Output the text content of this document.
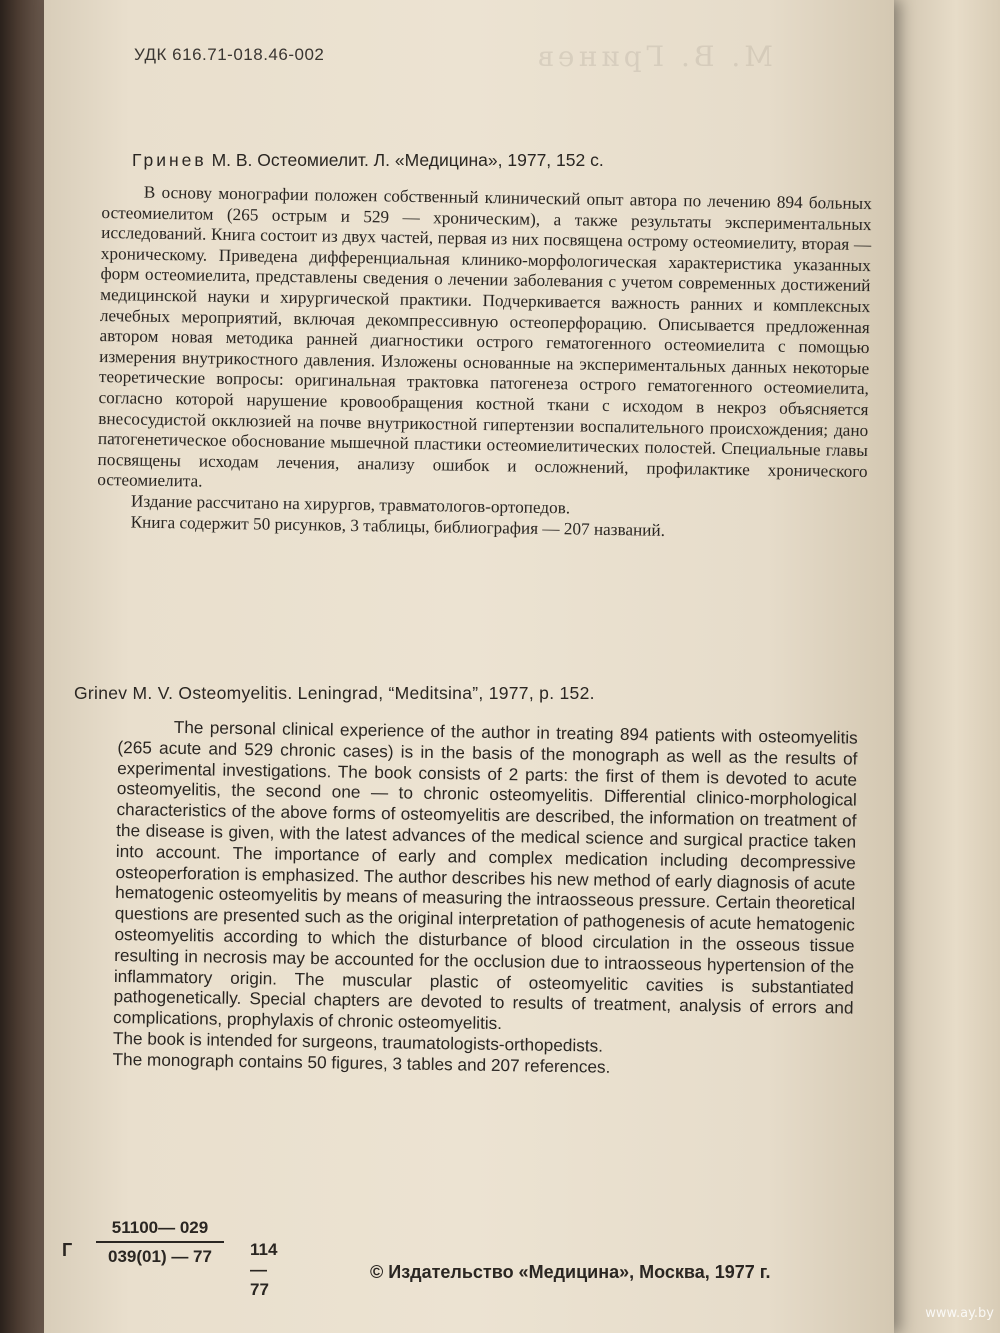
М. В. Гринев
УДК 616.71-018.46-002
Гринев М. В. Остеомиелит. Л. «Медицина», 1977, 152 с.

В основу монографии положен собственный клинический опыт автора по лечению 894 больных остеомиелитом (265 острым и 529 — хроническим), а также результаты экспериментальных исследований. Книга состоит из двух частей, первая из них посвящена острому остеомиелиту, вторая — хроническому. Приведена дифференциальная клинико-морфологическая характеристика указанных форм остеомиелита, представлены сведения о лечении заболевания с учетом современных достижений медицинской науки и хирургической практики. Подчеркивается важность ранних и комплексных лечебных мероприятий, включая декомпрессивную остеоперфорацию. Описывается предложенная автором новая методика ранней диагностики острого гематогенного остеомиелита с помощью измерения внутрикостного давления. Изложены основанные на экспериментальных данных некоторые теоретические вопросы: оригинальная трактовка патогенеза острого гематогенного остеомиелита, согласно которой нарушение кровообращения костной ткани с исходом в некроз объясняется внесосудистой окклюзией на почве внутрикостной гипертензии воспалительного происхождения; дано патогенетическое обоснование мышечной пластики остеомиелитических полостей. Специальные главы посвящены исходам лечения, анализу ошибок и осложнений, профилактике хронического остеомиелита.

Издание рассчитано на хирургов, травматологов-ортопедов.

Книга содержит 50 рисунков, 3 таблицы, библиография — 207 названий.

Grinev M. V. Osteomyelitis. Leningrad, “Meditsina”, 1977, p. 152.

The personal clinical experience of the author in treating 894 patients with osteomyelitis (265 acute and 529 chronic cases) is in the basis of the monograph as well as the results of experimental investigations. The book consists of 2 parts: the first of them is devoted to acute osteomyelitis, the second one — to chronic osteomyelitis. Differential clinico-morphological characteristics of the above forms of osteomyelitis are described, the information on treatment of the disease is given, with the latest advances of the medical science and surgical practice taken into account. The importance of early and complex medication including decompressive osteoperforation is emphasized. The author describes his new method of early diagnosis of acute hematogenic osteomyelitis by means of measuring the intraosseous pressure. Certain theoretical questions are presented such as the original interpretation of pathogenesis of acute hematogenic osteomyelitis according to which the disturbance of blood circulation in the osseous tissue resulting in necrosis may be accounted for the occlusion due to intraosseous hypertension of the inflammatory origin. The muscular plastic of osteomyelitic cavities is substantiated pathogenetically. Special chapters are devoted to results of treatment, analysis of errors and complications, prophylaxis of chronic osteomyelitis.

The book is intended for surgeons, traumatologists-orthopedists.

The monograph contains 50 figures, 3 tables and 207 references.

Г $\frac{51100— 029}{039(01) — 77}$ 114—77
© Издательство «Медицина», Москва, 1977 г.
www.ay.by
